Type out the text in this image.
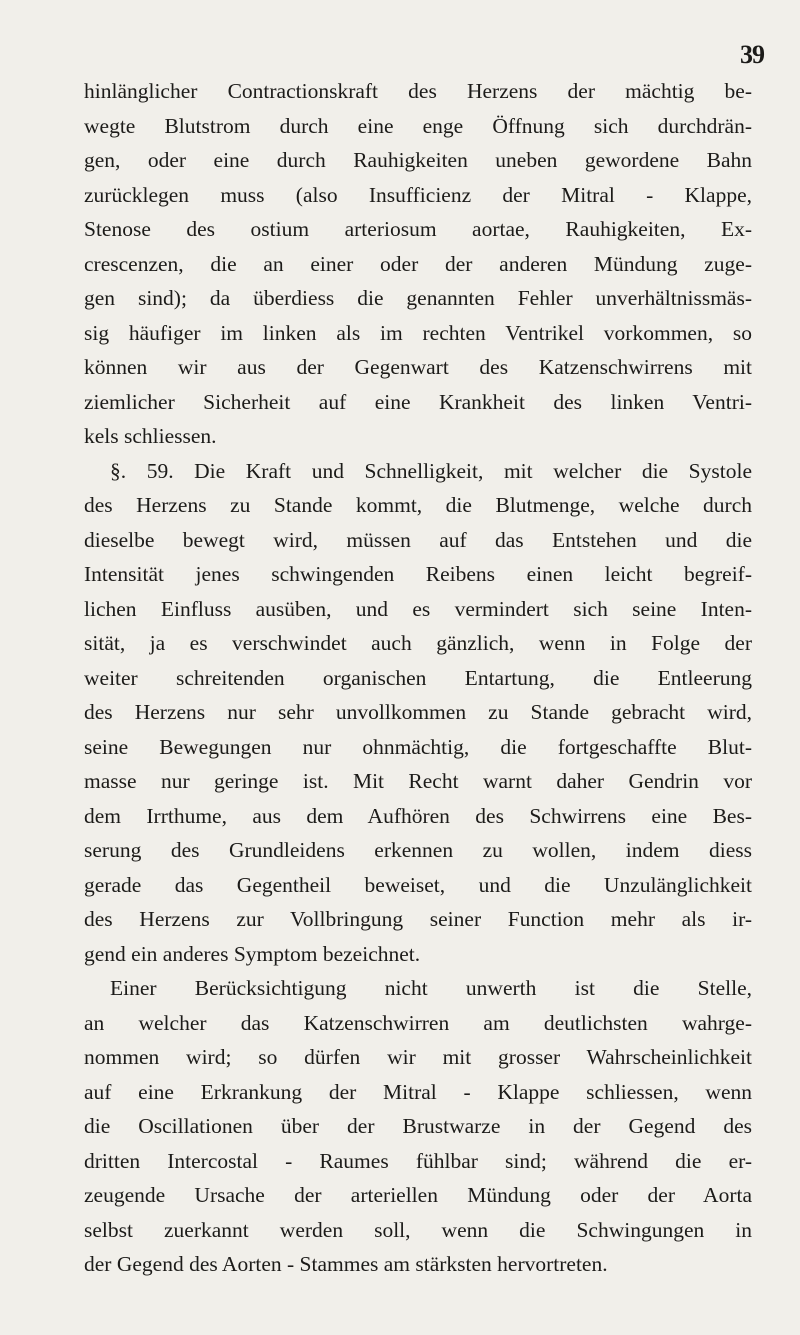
39
hinlänglicher Contractionskraft des Herzens der mächtig be-
wegte Blutstrom durch eine enge Öffnung sich durchdrän-
gen, oder eine durch Rauhigkeiten uneben gewordene Bahn
zurücklegen muss (also Insufficienz der Mitral - Klappe,
Stenose des ostium arteriosum aortae, Rauhigkeiten, Ex-
crescenzen, die an einer oder der anderen Mündung zuge-
gen sind); da überdiess die genannten Fehler unverhältnissmäs-
sig häufiger im linken als im rechten Ventrikel vorkommen, so
können wir aus der Gegenwart des Katzenschwirrens mit
ziemlicher Sicherheit auf eine Krankheit des linken Ventri-
kels schliessen.
§. 59. Die Kraft und Schnelligkeit, mit welcher die Systole
des Herzens zu Stande kommt, die Blutmenge, welche durch
dieselbe bewegt wird, müssen auf das Entstehen und die
Intensität jenes schwingenden Reibens einen leicht begreif-
lichen Einfluss ausüben, und es vermindert sich seine Inten-
sität, ja es verschwindet auch gänzlich, wenn in Folge der
weiter schreitenden organischen Entartung, die Entleerung
des Herzens nur sehr unvollkommen zu Stande gebracht wird,
seine Bewegungen nur ohnmächtig, die fortgeschaffte Blut-
masse nur geringe ist. Mit Recht warnt daher Gendrin vor
dem Irrthume, aus dem Aufhören des Schwirrens eine Bes-
serung des Grundleidens erkennen zu wollen, indem diess
gerade das Gegentheil beweiset, und die Unzulänglichkeit
des Herzens zur Vollbringung seiner Function mehr als ir-
gend ein anderes Symptom bezeichnet.
Einer Berücksichtigung nicht unwerth ist die Stelle,
an welcher das Katzenschwirren am deutlichsten wahrge-
nommen wird; so dürfen wir mit grosser Wahrscheinlichkeit
auf eine Erkrankung der Mitral - Klappe schliessen, wenn
die Oscillationen über der Brustwarze in der Gegend des
dritten Intercostal - Raumes fühlbar sind; während die er-
zeugende Ursache der arteriellen Mündung oder der Aorta
selbst zuerkannt werden soll, wenn die Schwingungen in
der Gegend des Aorten - Stammes am stärksten hervortreten.
